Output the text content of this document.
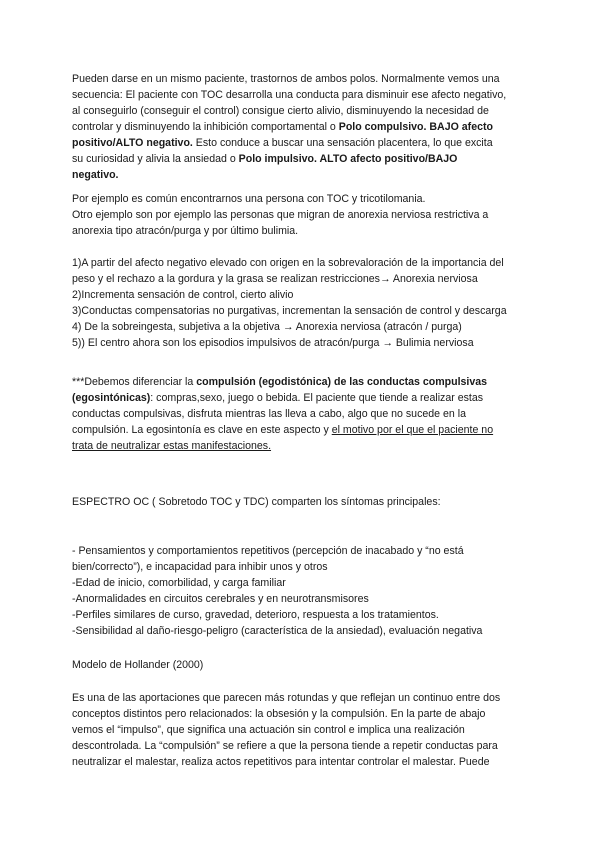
Pueden darse en un mismo paciente, trastornos de ambos polos. Normalmente vemos una
secuencia: El paciente con TOC desarrolla una conducta para disminuir ese afecto negativo,
al conseguirlo (conseguir el control) consigue cierto alivio, disminuyendo la necesidad de
controlar y disminuyendo la inhibición comportamental o Polo compulsivo. BAJO afecto
positivo/ALTO negativo. Esto conduce a buscar una sensación placentera, lo que excita
su curiosidad y alivia la ansiedad o Polo impulsivo. ALTO afecto positivo/BAJO
negativo.
Por ejemplo es común encontrarnos una persona con TOC y tricotilomania.
Otro ejemplo son por ejemplo las personas que migran de anorexia nerviosa restrictiva a
anorexia tipo atracón/purga y por último bulimia.
1)A partir del afecto negativo elevado con origen en la sobrevaloración de la importancia del
peso y el rechazo a la gordura y la grasa se realizan restricciones→ Anorexia nerviosa
2)Incrementa sensación de control, cierto alivio
3)Conductas compensatorias no purgativas, incrementan la sensación de control y descarga
4) De la sobreingesta, subjetiva a la objetiva → Anorexia nerviosa (atracón / purga)
5)) El centro ahora son los episodios impulsivos de atracón/purga → Bulimia nerviosa
***Debemos diferenciar la compulsión (egodistónica) de las conductas compulsivas
(egosintónicas): compras,sexo, juego o bebida. El paciente que tiende a realizar estas
conductas compulsivas, disfruta mientras las lleva a cabo, algo que no sucede en la
compulsión. La egosintonía es clave en este aspecto y el motivo por el que el paciente no
trata de neutralizar estas manifestaciones.
ESPECTRO OC ( Sobretodo TOC y TDC) comparten los síntomas principales:
- Pensamientos y comportamientos repetitivos (percepción de inacabado y “no está
bien/correcto”), e incapacidad para inhibir unos y otros
-Edad de inicio, comorbilidad, y carga familiar
-Anormalidades en circuitos cerebrales y en neurotransmisores
-Perfiles similares de curso, gravedad, deterioro, respuesta a los tratamientos.
-Sensibilidad al daño-riesgo-peligro (característica de la ansiedad), evaluación negativa
Modelo de Hollander (2000)
Es una de las aportaciones que parecen más rotundas y que reflejan un continuo entre dos
conceptos distintos pero relacionados: la obsesión y la compulsión. En la parte de abajo
vemos el “impulso”, que significa una actuación sin control e implica una realización
descontrolada. La “compulsión” se refiere a que la persona tiende a repetir conductas para
neutralizar el malestar, realiza actos repetitivos para intentar controlar el malestar. Puede
